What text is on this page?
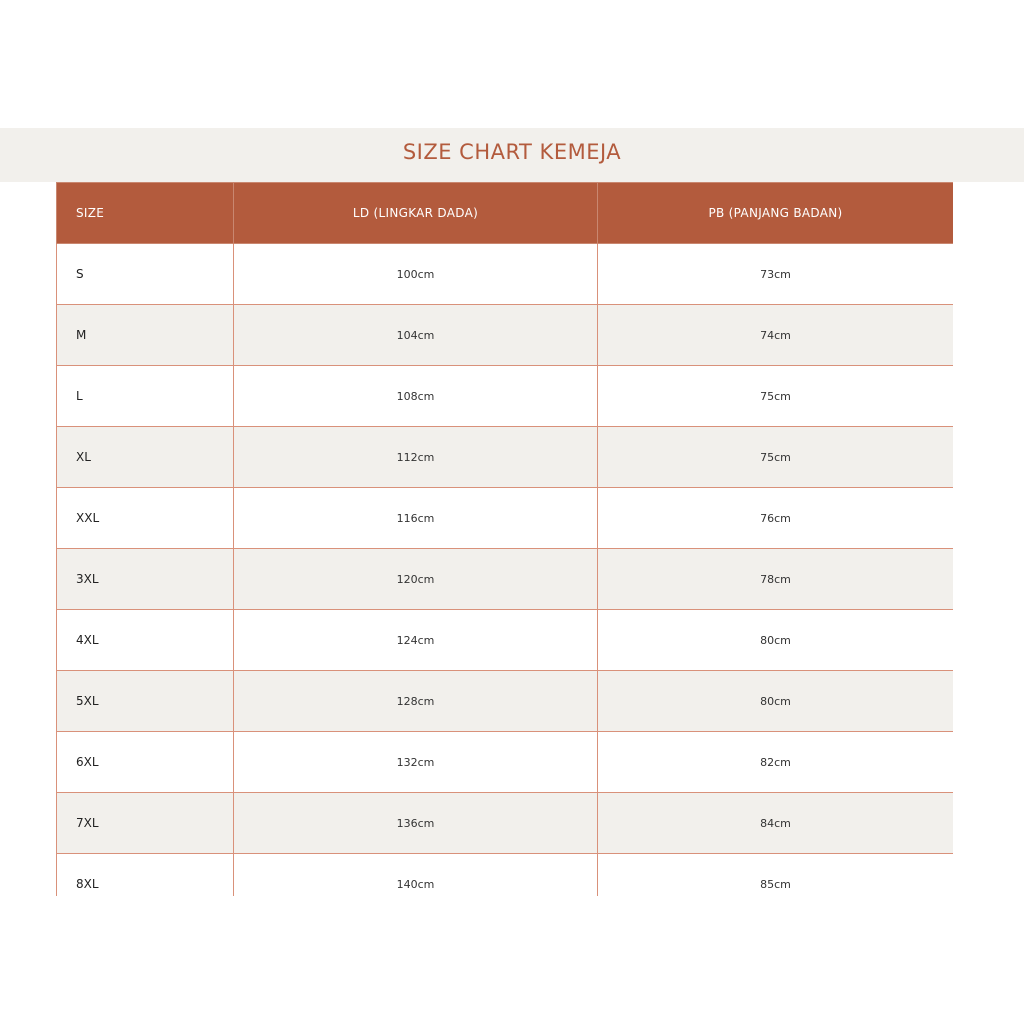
SIZE CHART KEMEJA
SIZE	LD (LINGKAR DADA)	PB (PANJANG BADAN)
S	100cm	73cm
M	104cm	74cm
L	108cm	75cm
XL	112cm	75cm
XXL	116cm	76cm
3XL	120cm	78cm
4XL	124cm	80cm
5XL	128cm	80cm
6XL	132cm	82cm
7XL	136cm	84cm
8XL	140cm	85cm
